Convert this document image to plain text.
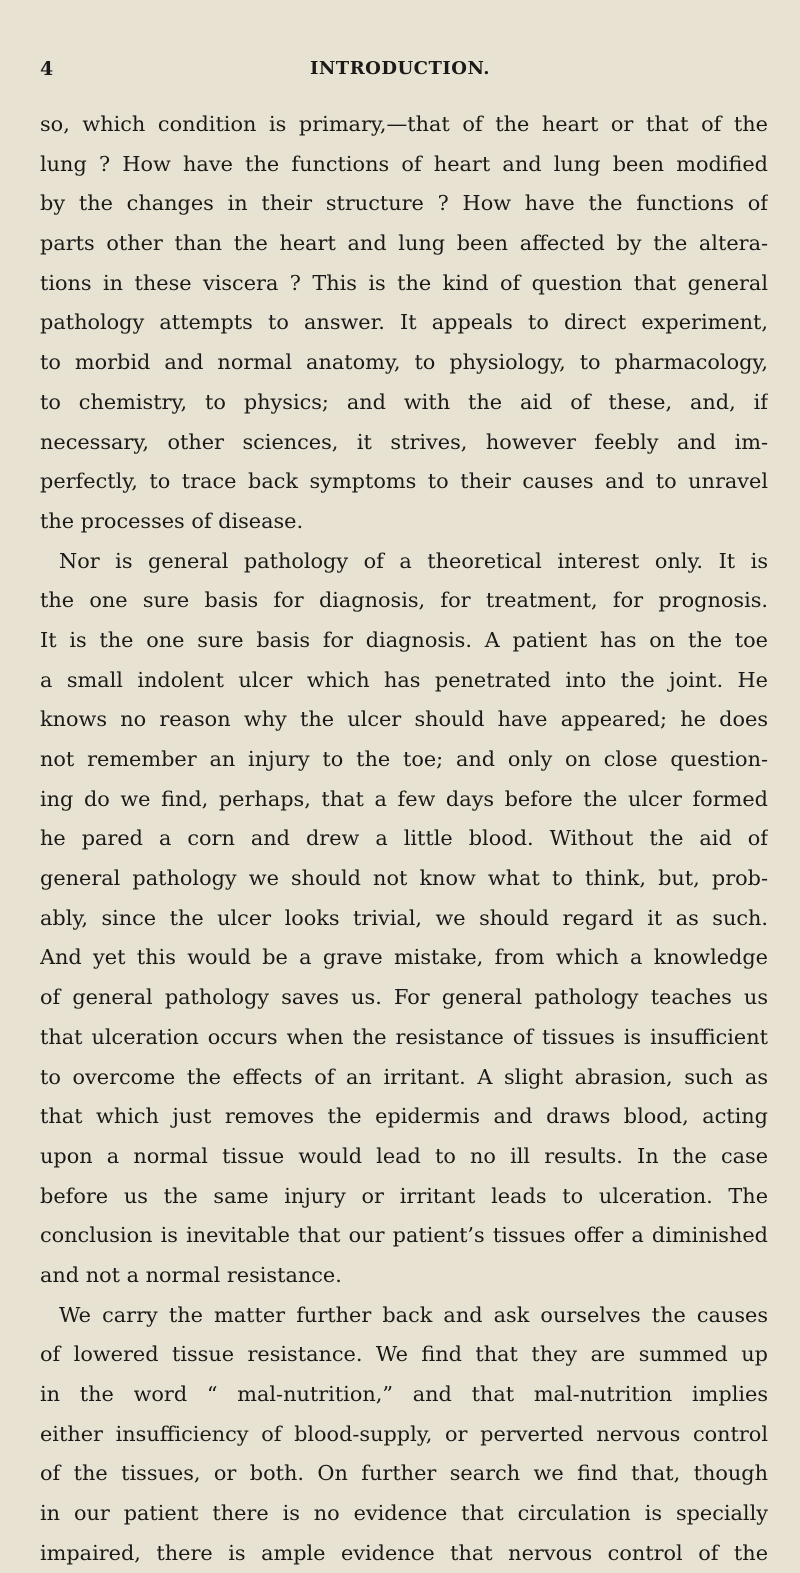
4	INTRODUCTION.
so, which condition is primary,—that of the heart or that of the
lung ? How have the functions of heart and lung been modified
by the changes in their structure ? How have the functions of
parts other than the heart and lung been affected by the altera-
tions in these viscera ? This is the kind of question that general
pathology attempts to answer. It appeals to direct experiment,
to morbid and normal anatomy, to physiology, to pharmacology,
to chemistry, to physics; and with the aid of these, and, if
necessary, other sciences, it strives, however feebly and im-
perfectly, to trace back symptoms to their causes and to unravel
the processes of disease.
Nor is general pathology of a theoretical interest only. It is
the one sure basis for diagnosis, for treatment, for prognosis.
It is the one sure basis for diagnosis. A patient has on the toe
a small indolent ulcer which has penetrated into the joint. He
knows no reason why the ulcer should have appeared; he does
not remember an injury to the toe; and only on close question-
ing do we find, perhaps, that a few days before the ulcer formed
he pared a corn and drew a little blood. Without the aid of
general pathology we should not know what to think, but, prob-
ably, since the ulcer looks trivial, we should regard it as such.
And yet this would be a grave mistake, from which a knowledge
of general pathology saves us. For general pathology teaches us
that ulceration occurs when the resistance of tissues is insufficient
to overcome the effects of an irritant. A slight abrasion, such as
that which just removes the epidermis and draws blood, acting
upon a normal tissue would lead to no ill results. In the case
before us the same injury or irritant leads to ulceration. The
conclusion is inevitable that our patient’s tissues offer a diminished
and not a normal resistance.
We carry the matter further back and ask ourselves the causes
of lowered tissue resistance. We find that they are summed up
in the word “ mal-nutrition,” and that mal-nutrition implies
either insufficiency of blood-supply, or perverted nervous control
of the tissues, or both. On further search we find that, though
in our patient there is no evidence that circulation is specially
impaired, there is ample evidence that nervous control of the
